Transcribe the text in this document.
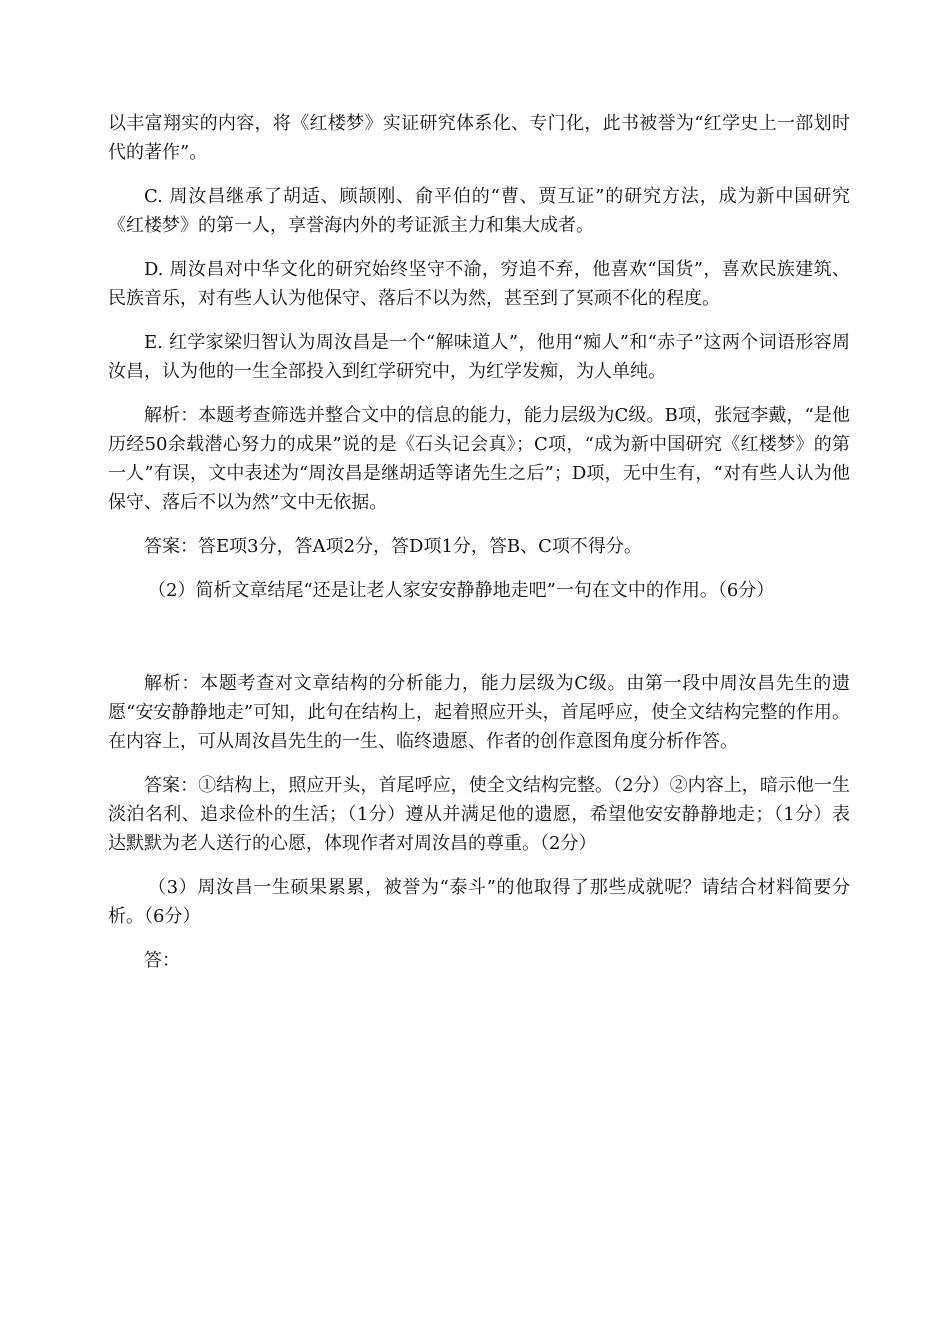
以丰富翔实的内容，将《红楼梦》实证研究体系化、专门化，此书被誉为“红学史上一部划时代的著作”。

C. 周汝昌继承了胡适、顾颉刚、俞平伯的“曹、贾互证”的研究方法，成为新中国研究《红楼梦》的第一人，享誉海内外的考证派主力和集大成者。

D. 周汝昌对中华文化的研究始终坚守不渝，穷追不弃，他喜欢“国货”，喜欢民族建筑、民族音乐，对有些人认为他保守、落后不以为然，甚至到了冥顽不化的程度。

E. 红学家梁归智认为周汝昌是一个“解味道人”，他用“痴人”和“赤子”这两个词语形容周汝昌，认为他的一生全部投入到红学研究中，为红学发痴，为人单纯。

解析：本题考查筛选并整合文中的信息的能力，能力层级为C级。B项，张冠李戴，“是他历经50余载潜心努力的成果”说的是《石头记会真》；C项，“成为新中国研究《红楼梦》的第一人”有误，文中表述为“周汝昌是继胡适等诸先生之后”；D项，无中生有，“对有些人认为他保守、落后不以为然”文中无依据。

答案：答E项3分，答A项2分，答D项1分，答B、C项不得分。

（2）简析文章结尾“还是让老人家安安静静地走吧”一句在文中的作用。（6分）

解析：本题考查对文章结构的分析能力，能力层级为C级。由第一段中周汝昌先生的遗愿“安安静静地走”可知，此句在结构上，起着照应开头，首尾呼应，使全文结构完整的作用。在内容上，可从周汝昌先生的一生、临终遗愿、作者的创作意图角度分析作答。

答案：①结构上，照应开头，首尾呼应，使全文结构完整。（2分）②内容上，暗示他一生淡泊名利、追求俭朴的生活；（1分）遵从并满足他的遗愿，希望他安安静静地走；（1分）表达默默为老人送行的心愿，体现作者对周汝昌的尊重。（2分）

（3）周汝昌一生硕果累累，被誉为“泰斗”的他取得了那些成就呢？请结合材料简要分析。（6分）

答：
